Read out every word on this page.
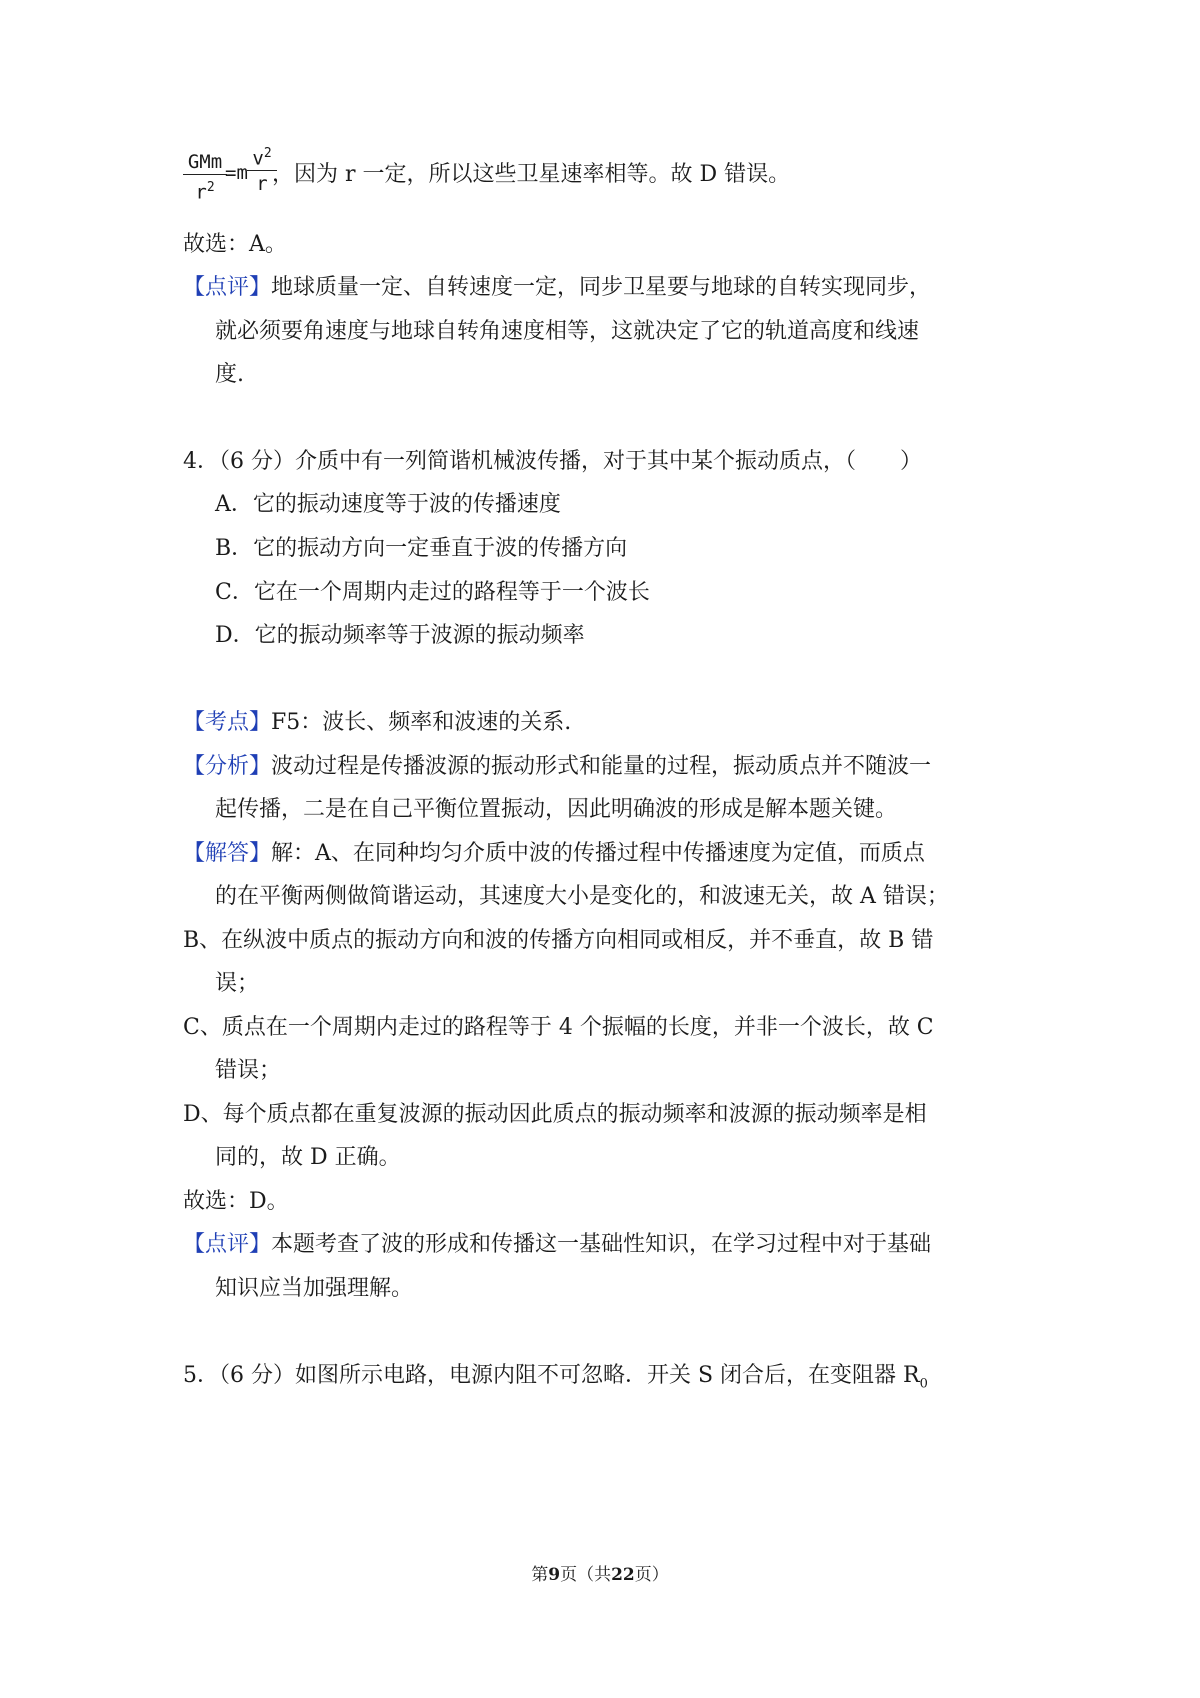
GMm
$r^2$
$=m \frac{v^2}{r}$
，因为 r 一定，所以这些卫星速率相等。故 D 错误。
故选：A。
【点评】地球质量一定、自转速度一定，同步卫星要与地球的自转实现同步，
就必须要角速度与地球自转角速度相等，这就决定了它的轨道高度和线速
度.
4．（6 分）介质中有一列简谐机械波传播，对于其中某个振动质点，（　　）
A．它的振动速度等于波的传播速度
B．它的振动方向一定垂直于波的传播方向
C．它在一个周期内走过的路程等于一个波长
D．它的振动频率等于波源的振动频率
【考点】F5：波长、频率和波速的关系.
【分析】波动过程是传播波源的振动形式和能量的过程，振动质点并不随波一
起传播，二是在自己平衡位置振动，因此明确波的形成是解本题关键。
【解答】解：A、在同种均匀介质中波的传播过程中传播速度为定值，而质点
的在平衡两侧做简谐运动，其速度大小是变化的，和波速无关，故 A 错误；
B、在纵波中质点的振动方向和波的传播方向相同或相反，并不垂直，故 B 错
误；
C、质点在一个周期内走过的路程等于 4 个振幅的长度，并非一个波长，故 C
错误；
D、每个质点都在重复波源的振动因此质点的振动频率和波源的振动频率是相
同的，故 D 正确。
故选：D。
【点评】本题考查了波的形成和传播这一基础性知识，在学习过程中对于基础
知识应当加强理解。
5．（6 分）如图所示电路，电源内阻不可忽略．开关 S 闭合后，在变阻器 $R_0$
第9页（共22页）
